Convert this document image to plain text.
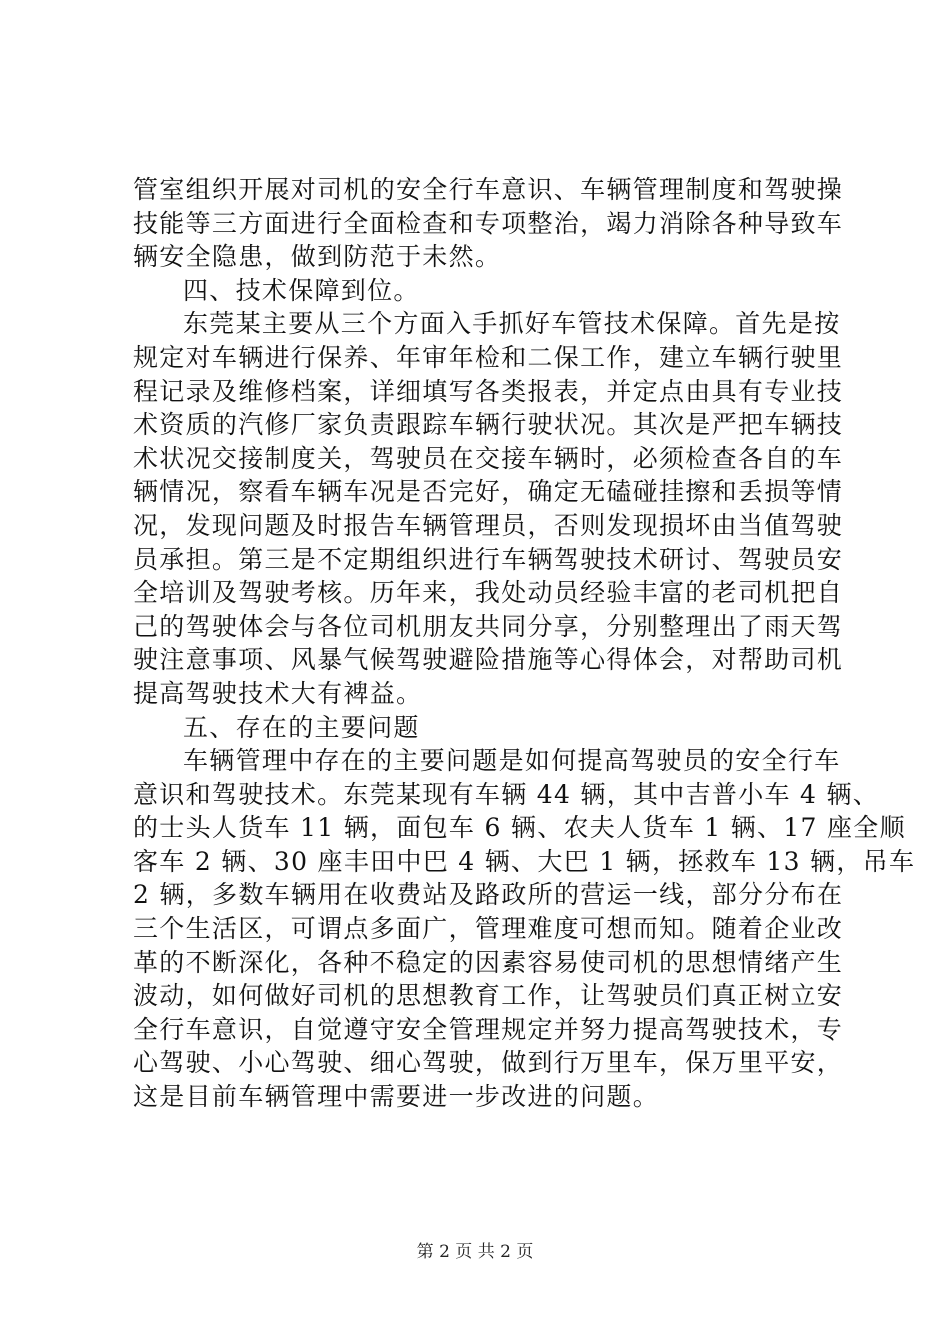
管室组织开展对司机的安全行车意识、车辆管理制度和驾驶操
技能等三方面进行全面检查和专项整治，竭力消除各种导致车
辆安全隐患，做到防范于未然。
四、技术保障到位。
东莞某主要从三个方面入手抓好车管技术保障。首先是按
规定对车辆进行保养、年审年检和二保工作，建立车辆行驶里
程记录及维修档案，详细填写各类报表，并定点由具有专业技
术资质的汽修厂家负责跟踪车辆行驶状况。其次是严把车辆技
术状况交接制度关，驾驶员在交接车辆时，必须检查各自的车
辆情况，察看车辆车况是否完好，确定无磕碰挂擦和丢损等情
况，发现问题及时报告车辆管理员，否则发现损坏由当值驾驶
员承担。第三是不定期组织进行车辆驾驶技术研讨、驾驶员安
全培训及驾驶考核。历年来，我处动员经验丰富的老司机把自
己的驾驶体会与各位司机朋友共同分享，分别整理出了雨天驾
驶注意事项、风暴气候驾驶避险措施等心得体会，对帮助司机
提高驾驶技术大有裨益。
五、存在的主要问题
车辆管理中存在的主要问题是如何提高驾驶员的安全行车
意识和驾驶技术。东莞某现有车辆 44 辆，其中吉普小车 4 辆、
的士头人货车 11 辆，面包车 6 辆、农夫人货车 1 辆、17 座全顺
客车 2 辆、30 座丰田中巴 4 辆、大巴 1 辆，拯救车 13 辆，吊车
2 辆，多数车辆用在收费站及路政所的营运一线，部分分布在
三个生活区，可谓点多面广，管理难度可想而知。随着企业改
革的不断深化，各种不稳定的因素容易使司机的思想情绪产生
波动，如何做好司机的思想教育工作，让驾驶员们真正树立安
全行车意识，自觉遵守安全管理规定并努力提高驾驶技术，专
心驾驶、小心驾驶、细心驾驶，做到行万里车，保万里平安，
这是目前车辆管理中需要进一步改进的问题。
第 2 页 共 2 页
